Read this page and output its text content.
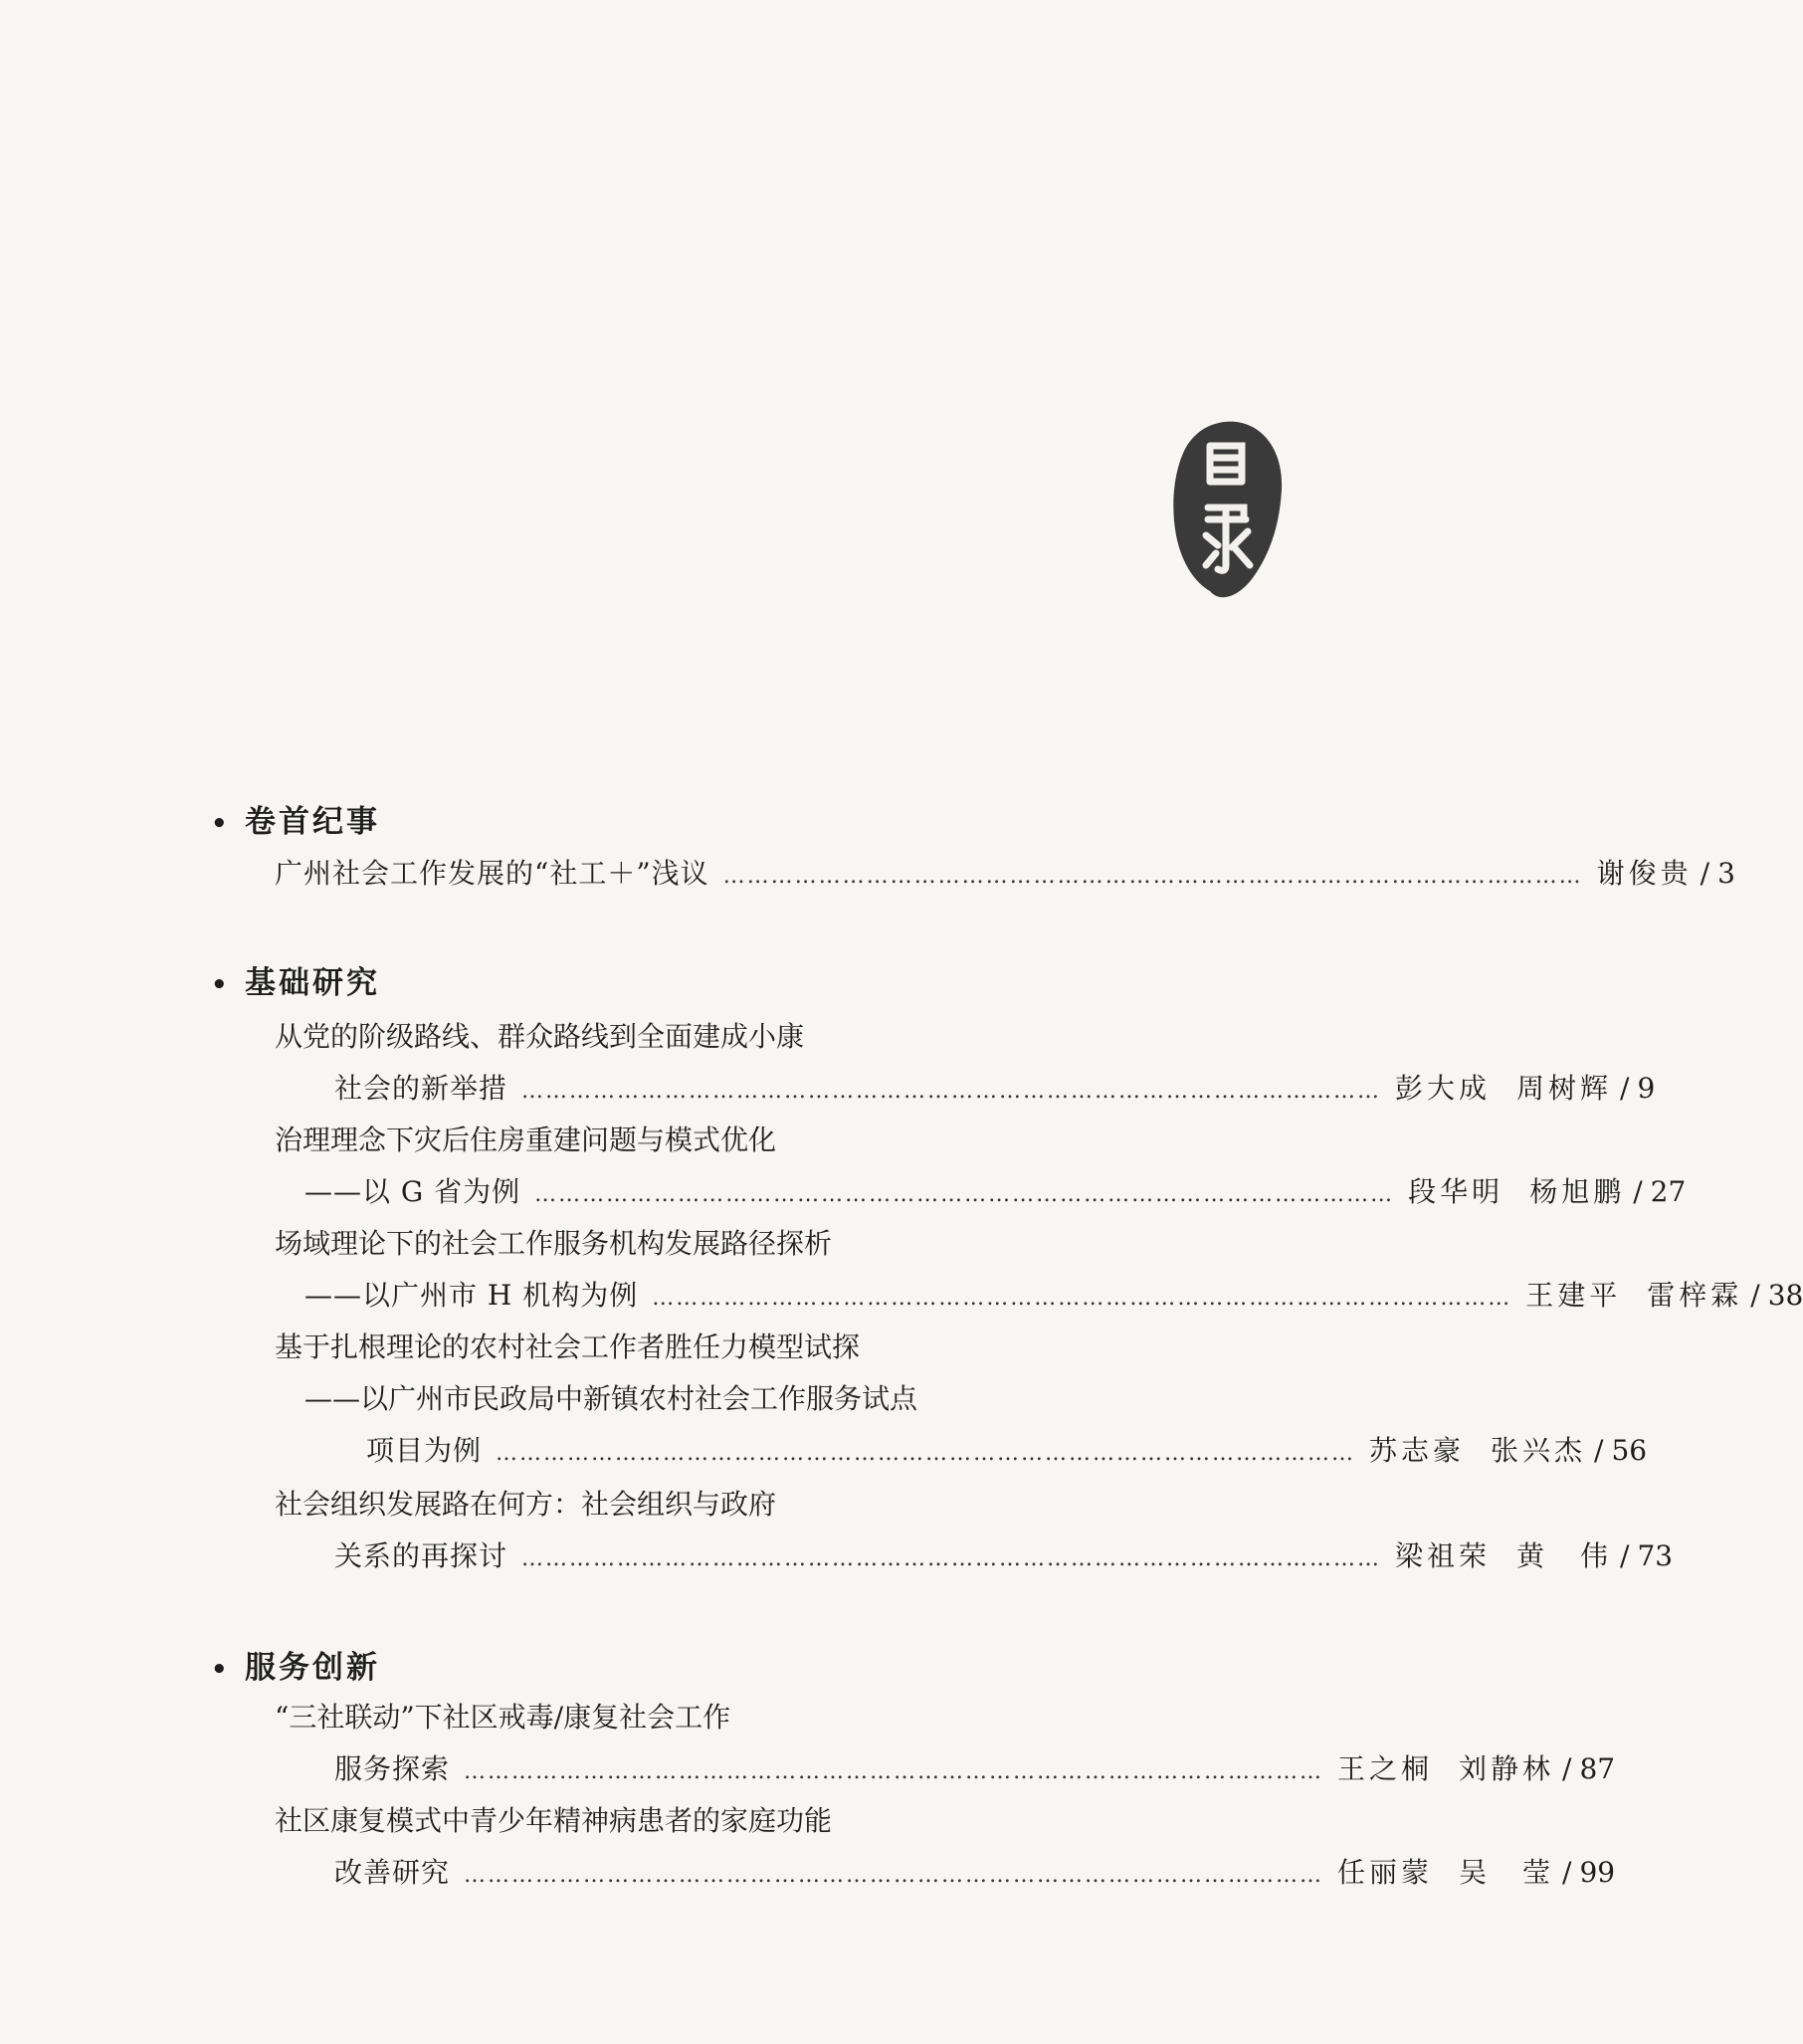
• 卷首纪事
广州社会工作发展的“社工＋”浅议 ……………………………………………………………………………………………… 谢俊贵 / 3
• 基础研究
从党的阶级路线、群众路线到全面建成小康
社会的新举措 ……………………………………………………………………………………………… 彭大成 周树辉 / 9
治理理念下灾后住房重建问题与模式优化
——以 G 省为例 ……………………………………………………………………………………………… 段华明 杨旭鹏 / 27
场域理论下的社会工作服务机构发展路径探析
——以广州市 H 机构为例 ……………………………………………………………………………………………… 王建平 雷梓霖 / 38
基于扎根理论的农村社会工作者胜任力模型试探
——以广州市民政局中新镇农村社会工作服务试点
项目为例 ……………………………………………………………………………………………… 苏志豪 张兴杰 / 56
社会组织发展路在何方：社会组织与政府
关系的再探讨 ……………………………………………………………………………………………… 梁祖荣 黄　伟 / 73
• 服务创新
“三社联动”下社区戒毒/康复社会工作
服务探索 ……………………………………………………………………………………………… 王之桐 刘静林 / 87
社区康复模式中青少年精神病患者的家庭功能
改善研究 ……………………………………………………………………………………………… 任丽蒙 吴　莹 / 99
